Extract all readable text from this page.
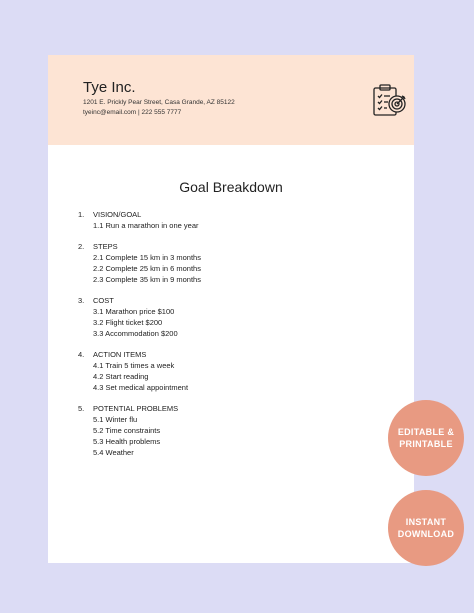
Tye Inc.
1201 E. Prickly Pear Street, Casa Grande, AZ 85122
tyeinc@email.com | 222 555 7777
Goal Breakdown
1.	VISION/GOAL
1.1 Run a marathon in one year
2.	STEPS
2.1 Complete 15 km in 3 months
2.2 Complete 25 km in 6 months
2.3 Complete 35 km in 9 months
3.	COST
3.1 Marathon price $100
3.2 Flight ticket $200
3.3 Accommodation $200
4.	ACTION ITEMS
4.1 Train 5 times a week
4.2 Start reading
4.3 Set medical appointment
5.	POTENTIAL PROBLEMS
5.1 Winter flu
5.2 Time constraints
5.3 Health problems
5.4 Weather
EDITABLE &
PRINTABLE
INSTANT
DOWNLOAD
